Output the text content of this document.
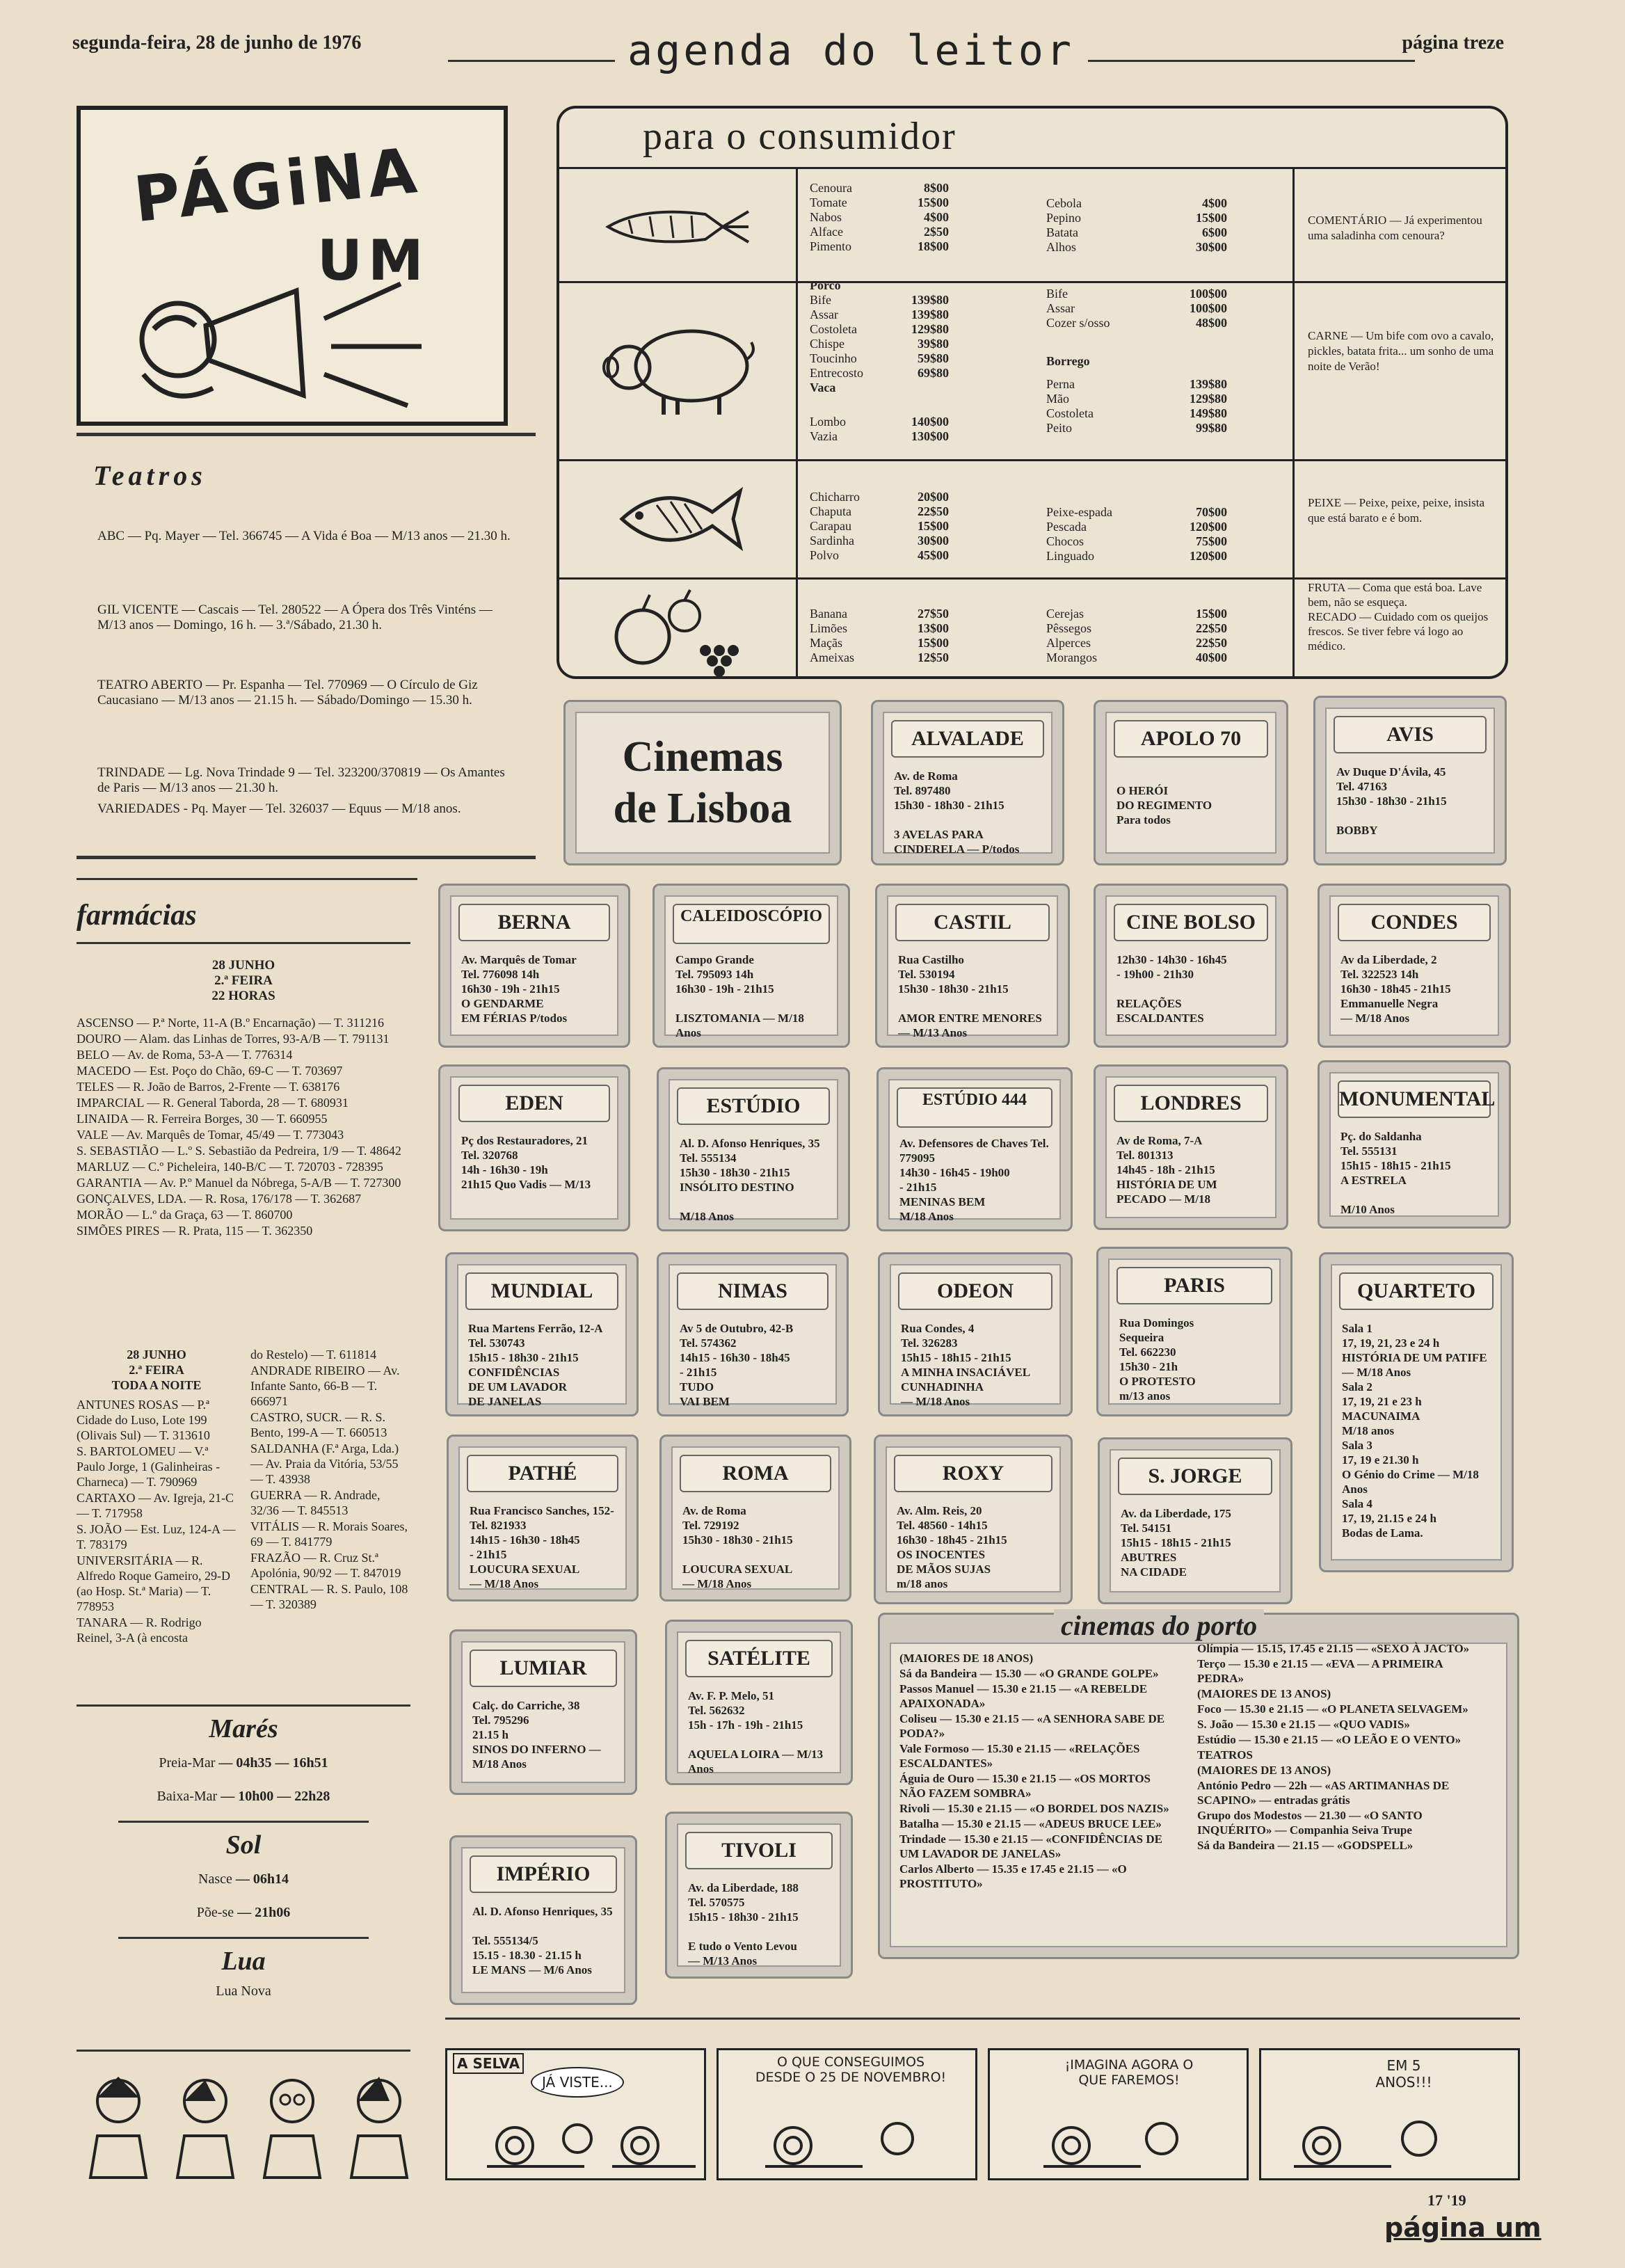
segunda-feira, 28 de junho de 1976	agenda do leitor	página treze
PÁGiNA
UM
Teatros
ABC — Pq. Mayer — Tel. 366745 — A Vida é Boa — M/13 anos — 21.30 h.
GIL VICENTE — Cascais — Tel. 280522 — A Ópera dos Três Vinténs — M/13 anos — Domingo, 16 h. — 3.ª/Sábado, 21.30 h.
TEATRO ABERTO — Pr. Espanha — Tel. 770969 — O Círculo de Giz Caucasiano — M/13 anos — 21.15 h. — Sábado/Domingo — 15.30 h.
TRINDADE — Lg. Nova Trindade 9 — Tel. 323200/370819 — Os Amantes de Paris — M/13 anos — 21.30 h.
VARIEDADES - Pq. Mayer — Tel. 326037 — Equus — M/18 anos.
para o consumidor
Cenoura	8$00
Tomate	15$00
Nabos	4$00
Alface	2$50
Pimento	18$00
Cebola	4$00
Pepino	15$00
Batata	6$00
Alhos	30$00
COMENTÁRIO — Já experimentou uma saladinha com cenoura?
Porco
Bife	139$80
Assar	139$80
Costoleta	129$80
Chispe	39$80
Toucinho	59$80
Entrecosto	69$80
Vaca
Lombo	140$00
Vazia	130$00
Bife	100$00
Assar	100$00
Cozer s/osso	48$00
Borrego
Perna	139$80
Mão	129$80
Costoleta	149$80
Peito	99$80
CARNE — Um bife com ovo a cavalo, pickles, batata frita... um sonho de uma noite de Verão!
Chicharro	20$00
Chaputa	22$50
Carapau	15$00
Sardinha	30$00
Polvo	45$00
Peixe-espada	70$00
Pescada	120$00
Chocos	75$00
Linguado	120$00
PEIXE — Peixe, peixe, peixe, insista que está barato e é bom.
Banana	27$50
Limões	13$00
Maçãs	15$00
Ameixas	12$50
Cerejas	15$00
Pêssegos	22$50
Alperces	22$50
Morangos	40$00
FRUTA — Coma que está boa. Lave bem, não se esqueça.
RECADO — Cuidado com os queijos frescos. Se tiver febre vá logo ao médico.
Cinemas
de Lisboa
ALVALADE
Av. de Roma
Tel. 897480
15h30 - 18h30 - 21h15

3 AVELAS PARA CINDERELA — P/todos
APOLO 70

O HERÓI
DO REGIMENTO
Para todos
AVIS
Av Duque D'Ávila, 45
Tel. 47163
15h30 - 18h30 - 21h15

BOBBY
BERNA
Av. Marquês de Tomar
Tel. 776098 14h
16h30 - 19h - 21h15
O GENDARME
EM FÉRIAS P/todos
CALEIDOSCÓPIO
Campo Grande
Tel. 795093 14h
16h30 - 19h - 21h15

LISZTOMANIA — M/18 Anos
CASTIL
Rua Castilho
Tel. 530194
15h30 - 18h30 - 21h15

AMOR ENTRE MENORES — M/13 Anos
CINE BOLSO
12h30 - 14h30 - 16h45
- 19h00 - 21h30

RELAÇÕES
ESCALDANTES
CONDES
Av da Liberdade, 2
Tel. 322523 14h
16h30 - 18h45 - 21h15
Emmanuelle Negra
— M/18 Anos
EDEN
Pç dos Restauradores, 21
Tel. 320768
14h - 16h30 - 19h
21h15 Quo Vadis — M/13
ESTÚDIO
Al. D. Afonso Henriques, 35 Tel. 555134
15h30 - 18h30 - 21h15
INSÓLITO DESTINO

M/18 Anos
ESTÚDIO 444
Av. Defensores de Chaves Tel. 779095
14h30 - 16h45 - 19h00
- 21h15
MENINAS BEM
M/18 Anos
LONDRES
Av de Roma, 7-A
Tel. 801313
14h45 - 18h - 21h15
HISTÓRIA DE UM
PECADO — M/18
MONUMENTAL
Pç. do Saldanha
Tel. 555131
15h15 - 18h15 - 21h15
A ESTRELA

M/10 Anos
MUNDIAL
Rua Martens Ferrão, 12-A Tel. 530743
15h15 - 18h30 - 21h15
CONFIDÊNCIAS
DE UM LAVADOR
DE JANELAS
NIMAS
Av 5 de Outubro, 42-B
Tel. 574362
14h15 - 16h30 - 18h45
- 21h15
TUDO
VAI BEM
ODEON
Rua Condes, 4
Tel. 326283
15h15 - 18h15 - 21h15
A MINHA INSACIÁVEL CUNHADINHA
— M/18 Anos
PARIS
Rua Domingos
Sequeira
Tel. 662230
15h30 - 21h
O PROTESTO
m/13 anos
QUARTETO
Sala 1
17, 19, 21, 23 e 24 h
HISTÓRIA DE UM PATIFE
— M/18 Anos
Sala 2
17, 19, 21 e 23 h
MACUNAIMA
M/18 anos
Sala 3
17, 19 e 21.30 h
O Génio do Crime — M/18 Anos
Sala 4
17, 19, 21.15 e 24 h
Bodas de Lama.
PATHÉ
Rua Francisco Sanches, 152-Tel. 821933
14h15 - 16h30 - 18h45
- 21h15
LOUCURA SEXUAL
— M/18 Anos
ROMA
Av. de Roma
Tel. 729192
15h30 - 18h30 - 21h15

LOUCURA SEXUAL
— M/18 Anos
ROXY
Av. Alm. Reis, 20
Tel. 48560 - 14h15
16h30 - 18h45 - 21h15
OS INOCENTES
DE MÃOS SUJAS
m/18 anos
S. JORGE
Av. da Liberdade, 175
Tel. 54151
15h15 - 18h15 - 21h15
ABUTRES
NA CIDADE
LUMIAR
Calç. do Carriche, 38
Tel. 795296
21.15 h
SINOS DO INFERNO —
M/18 Anos
SATÉLITE
Av. F. P. Melo, 51
Tel. 562632
15h - 17h - 19h - 21h15

AQUELA LOIRA — M/13 Anos
TIVOLI
Av. da Liberdade, 188
Tel. 570575
15h15 - 18h30 - 21h15

E tudo o Vento Levou
— M/13 Anos
IMPÉRIO
Al. D. Afonso Henriques, 35

Tel. 555134/5
15.15 - 18.30 - 21.15 h
LE MANS — M/6 Anos
cinemas do porto
(MAIORES DE 18 ANOS)
Sá da Bandeira — 15.30 — «O GRANDE GOLPE»
Passos Manuel — 15.30 e 21.15 — «A REBELDE APAIXONADA»
Coliseu — 15.30 e 21.15 — «A SENHORA SABE DE PODA?»
Vale Formoso — 15.30 e 21.15 — «RELAÇÕES ESCALDANTES»
Águia de Ouro — 15.30 e 21.15 — «OS MORTOS NÃO FAZEM SOMBRA»
Rivoli — 15.30 e 21.15 — «O BORDEL DOS NAZIS»
Batalha — 15.30 e 21.15 — «ADEUS BRUCE LEE»
Trindade — 15.30 e 21.15 — «CONFIDÊNCIAS DE UM LAVADOR DE JANELAS»
Carlos Alberto — 15.35 e 17.45 e 21.15 — «O PROSTITUTO»
Olímpia — 15.15, 17.45 e 21.15 — «SEXO À JACTO»
Terço — 15.30 e 21.15 — «EVA — A PRIMEIRA PEDRA»
(MAIORES DE 13 ANOS)
Foco — 15.30 e 21.15 — «O PLANETA SELVAGEM»
S. João — 15.30 e 21.15 — «QUO VADIS»
Estúdio — 15.30 e 21.15 — «O LEÃO E O VENTO»
TEATROS
(MAIORES DE 13 ANOS)
António Pedro — 22h — «AS ARTIMANHAS DE SCAPINO» — entradas grátis
Grupo dos Modestos — 21.30 — «O SANTO INQUÉRITO» — Companhia Seiva Trupe
Sá da Bandeira — 21.15 — «GODSPELL»
farmácias
28 JUNHO
2.ª FEIRA
22 HORAS
ASCENSO — P.ª Norte, 11-A (B.º Encarnação) — T. 311216
DOURO — Alam. das Linhas de Torres, 93-A/B — T. 791131
BELO — Av. de Roma, 53-A — T. 776314
MACEDO — Est. Poço do Chão, 69-C — T. 703697
TELES — R. João de Barros, 2-Frente — T. 638176
IMPARCIAL — R. General Taborda, 28 — T. 680931
LINAIDA — R. Ferreira Borges, 30 — T. 660955
VALE — Av. Marquês de Tomar, 45/49 — T. 773043
S. SEBASTIÃO — L.º S. Sebastião da Pedreira, 1/9 — T. 48642
MARLUZ — C.º Picheleira, 140-B/C — T. 720703 - 728395
GARANTIA — Av. P.º Manuel da Nóbrega, 5-A/B — T. 727300
GONÇALVES, LDA. — R. Rosa, 176/178 — T. 362687
MORÃO — L.º da Graça, 63 — T. 860700
SIMÕES PIRES — R. Prata, 115 — T. 362350
28 JUNHO
2.ª FEIRA
TODA A NOITE
ANTUNES ROSAS — P.ª Cidade do Luso, Lote 199 (Olivais Sul) — T. 313610
S. BARTOLOMEU — V.ª Paulo Jorge, 1 (Galinheiras - Charneca) — T. 790969
CARTAXO — Av. Igreja, 21-C — T. 717958
S. JOÃO — Est. Luz, 124-A — T. 783179
UNIVERSITÁRIA — R. Alfredo Roque Gameiro, 29-D (ao Hosp. St.ª Maria) — T. 778953
TANARA — R. Rodrigo Reinel, 3-A (à encosta
do Restelo) — T. 611814
ANDRADE RIBEIRO — Av. Infante Santo, 66-B — T. 666971
CASTRO, SUCR. — R. S. Bento, 199-A — T. 660513
SALDANHA (F.ª Arga, Lda.) — Av. Praia da Vitória, 53/55 — T. 43938
GUERRA — R. Andrade, 32/36 — T. 845513
VITÁLIS — R. Morais Soares, 69 — T. 841779
FRAZÃO — R. Cruz St.ª Apolónia, 90/92 — T. 847019
CENTRAL — R. S. Paulo, 108 — T. 320389
Marés
Preia-Mar — 04h35 — 16h51
Baixa-Mar — 10h00 — 22h28
Sol
Nasce — 06h14
Põe-se — 21h06
Lua
Lua Nova
A SELVA
JÁ VISTE...
O QUE CONSEGUIMOS DESDE O 25 DE NOVEMBRO!
¡IMAGINA AGORA O QUE FAREMOS!
EM 5 ANOS!!!
17 '19
página um
